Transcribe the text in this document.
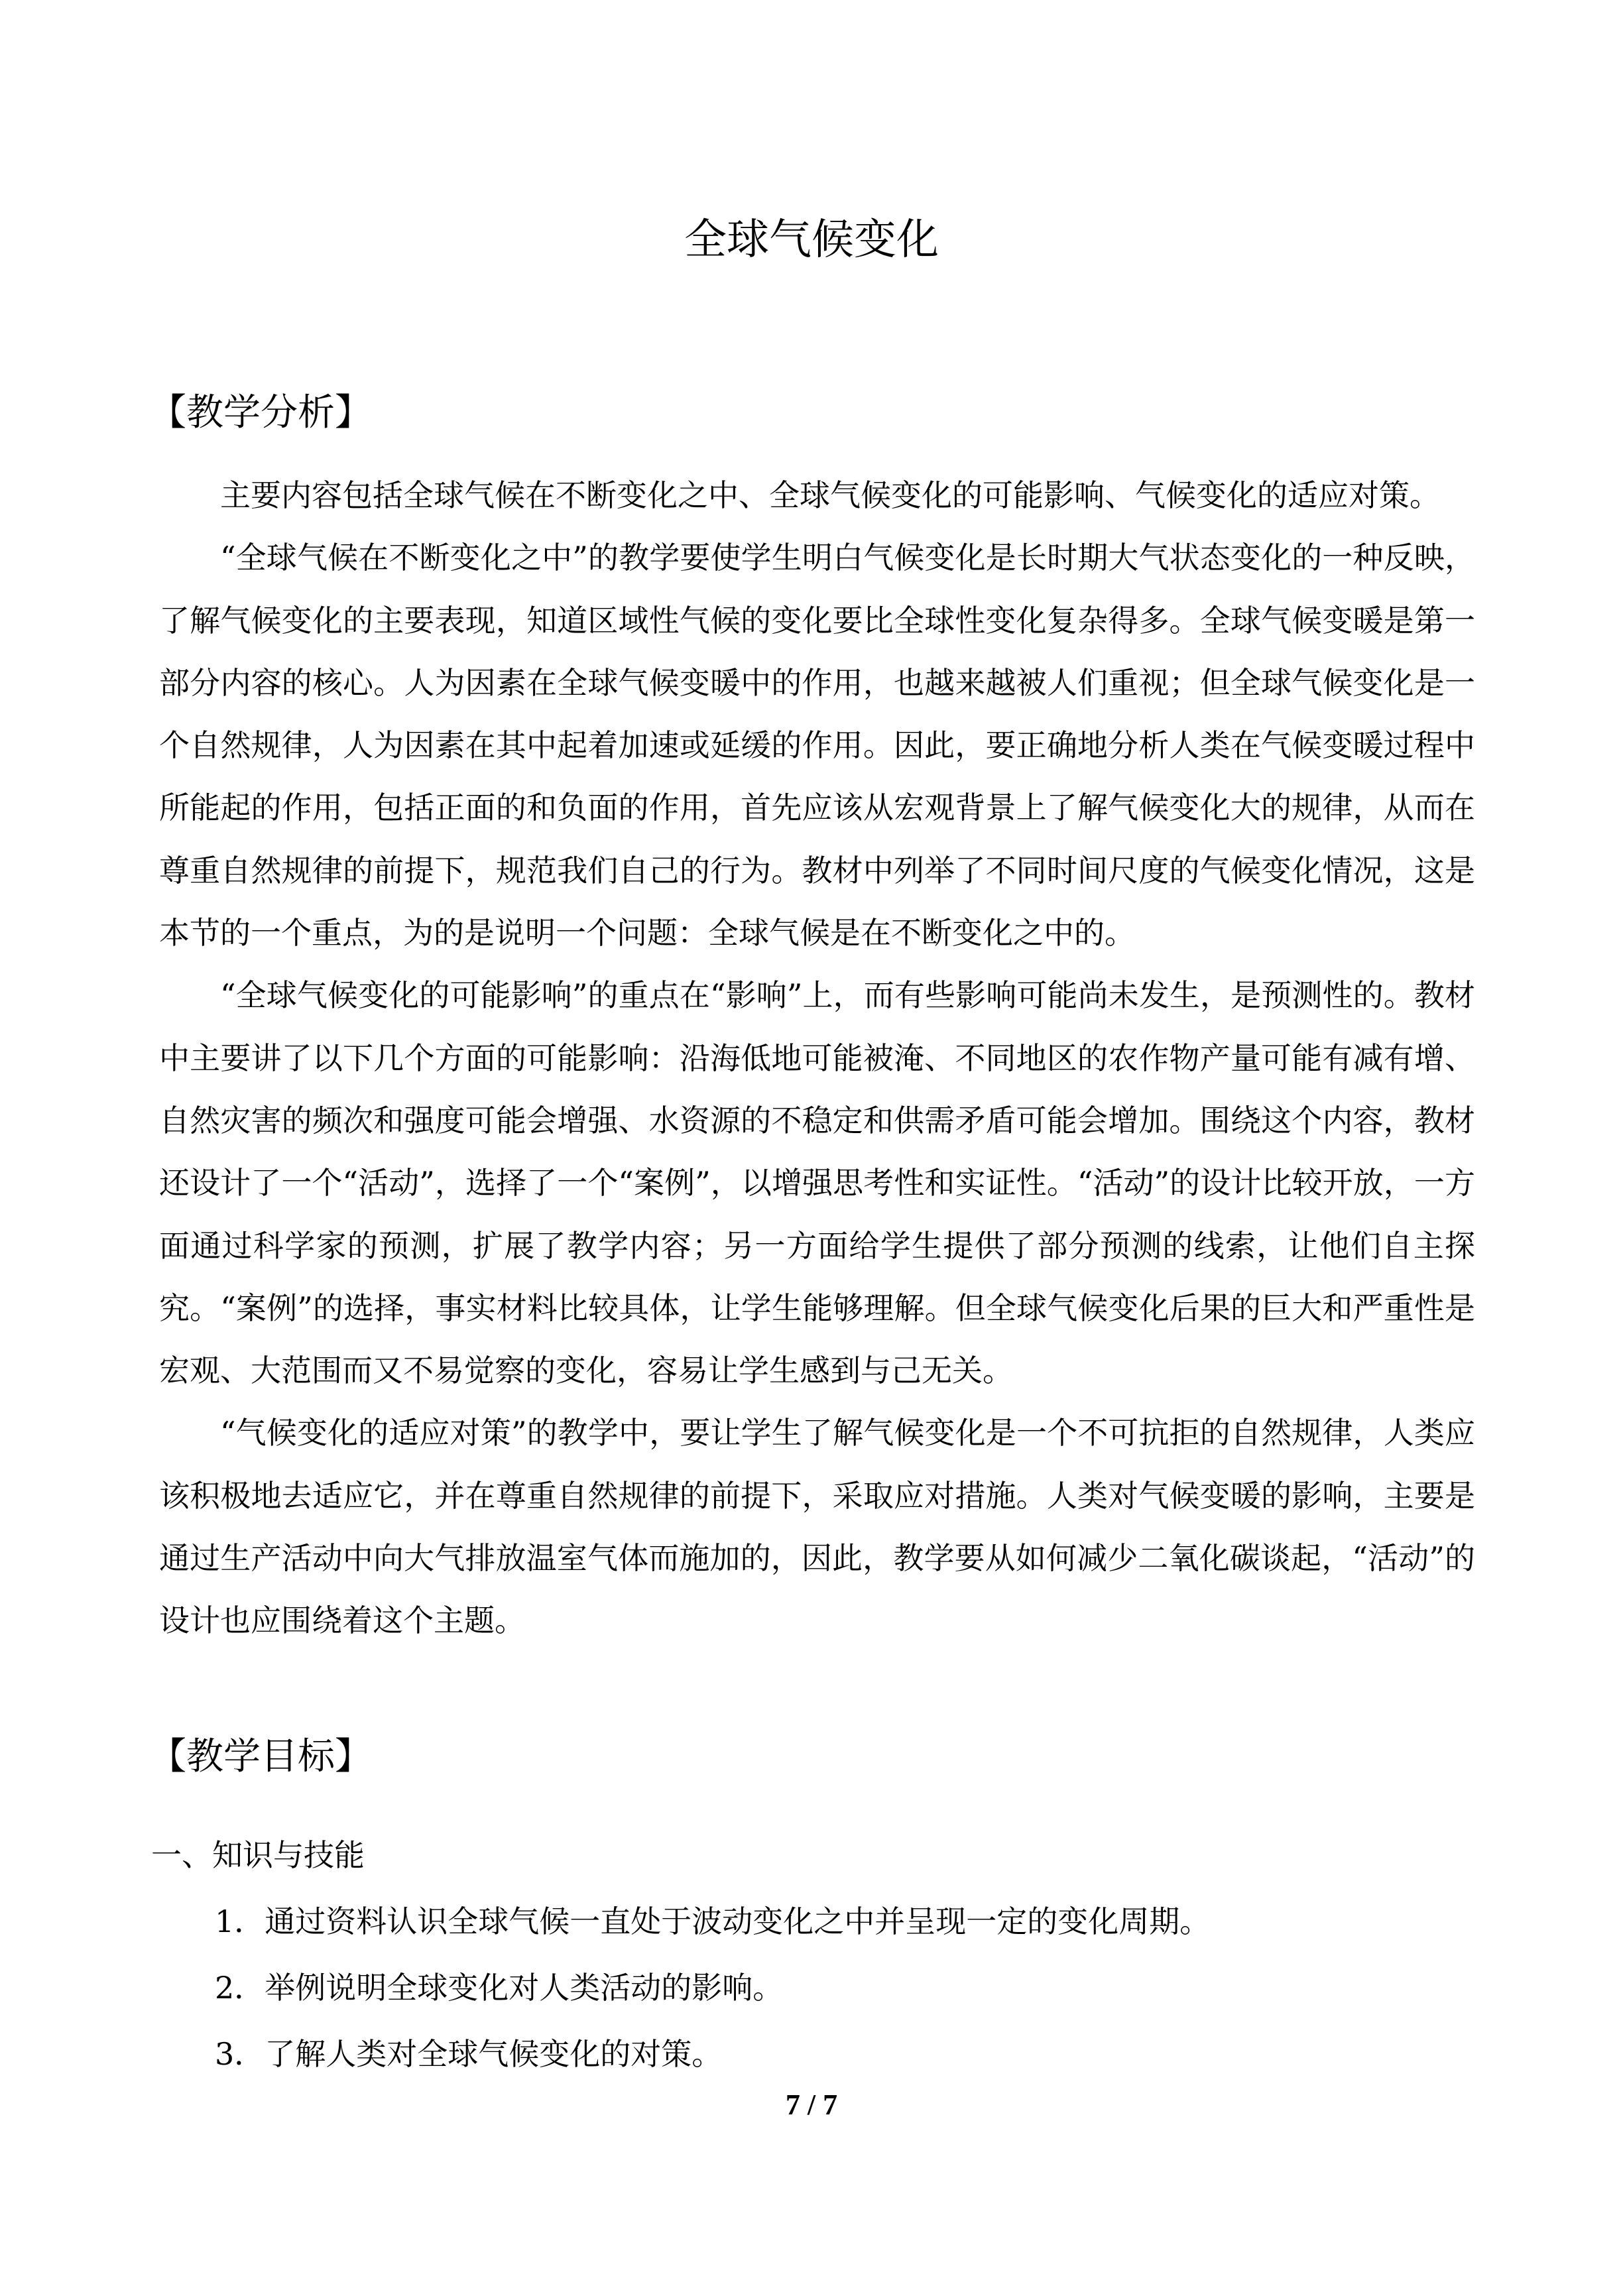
全球气候变化
【教学分析】

主要内容包括全球气候在不断变化之中、全球气候变化的可能影响、气候变化的适应对策。

“全球气候在不断变化之中”的教学要使学生明白气候变化是长时期大气状态变化的一种反映，了解气候变化的主要表现，知道区域性气候的变化要比全球性变化复杂得多。全球气候变暖是第一部分内容的核心。人为因素在全球气候变暖中的作用，也越来越被人们重视；但全球气候变化是一个自然规律，人为因素在其中起着加速或延缓的作用。因此，要正确地分析人类在气候变暖过程中所能起的作用，包括正面的和负面的作用，首先应该从宏观背景上了解气候变化大的规律，从而在尊重自然规律的前提下，规范我们自己的行为。教材中列举了不同时间尺度的气候变化情况，这是本节的一个重点，为的是说明一个问题：全球气候是在不断变化之中的。

“全球气候变化的可能影响”的重点在“影响”上，而有些影响可能尚未发生，是预测性的。教材中主要讲了以下几个方面的可能影响：沿海低地可能被淹、不同地区的农作物产量可能有减有增、自然灾害的频次和强度可能会增强、水资源的不稳定和供需矛盾可能会增加。围绕这个内容，教材还设计了一个“活动”，选择了一个“案例”，以增强思考性和实证性。“活动”的设计比较开放，一方面通过科学家的预测，扩展了教学内容；另一方面给学生提供了部分预测的线索，让他们自主探究。“案例”的选择，事实材料比较具体，让学生能够理解。但全球气候变化后果的巨大和严重性是宏观、大范围而又不易觉察的变化，容易让学生感到与己无关。

“气候变化的适应对策”的教学中，要让学生了解气候变化是一个不可抗拒的自然规律，人类应该积极地去适应它，并在尊重自然规律的前提下，采取应对措施。人类对气候变暖的影响，主要是通过生产活动中向大气排放温室气体而施加的，因此，教学要从如何减少二氧化碳谈起，“活动”的设计也应围绕着这个主题。

【教学目标】

一、知识与技能

1．通过资料认识全球气候一直处于波动变化之中并呈现一定的变化周期。

2．举例说明全球变化对人类活动的影响。

3．了解人类对全球气候变化的对策。

7 / 7
